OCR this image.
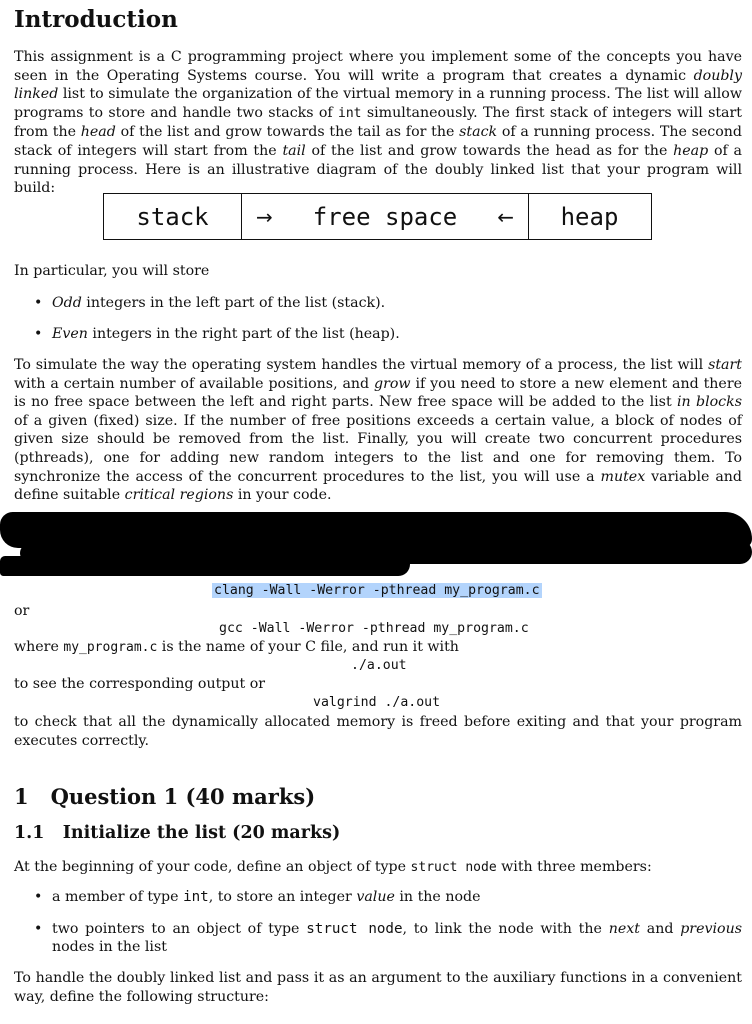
Introduction

This assignment is a C programming project where you implement some of the concepts you have seen in the Operating Systems course. You will write a program that creates a dynamic doubly linked list to simulate the organization of the virtual memory in a running process. The list will allow programs to store and handle two stacks of int simultaneously. The first stack of integers will start from the head of the list and grow towards the tail as for the stack of a running process. The second stack of integers will start from the tail of the list and grow towards the head as for the heap of a running process. Here is an illustrative diagram of the doubly linked list that your program will build:

stack → free space ← heap
In particular, you will store
• Odd integers in the left part of the list (stack).
• Even integers in the right part of the list (heap).

To simulate the way the operating system handles the virtual memory of a process, the list will start with a certain number of available positions, and grow if you need to store a new element and there is no free space between the left and right parts. New free space will be added to the list in blocks of a given (fixed) size. If the number of free positions exceeds a certain value, a block of nodes of given size should be removed from the list. Finally, you will create two concurrent procedures (pthreads), one for adding new random integers to the list and one for removing them. To synchronize the access of the concurrent procedures to the list, you will use a mutex variable and define suitable critical regions in your code.

clang -Wall -Werror -pthread my_program.c
or
gcc -Wall -Werror -pthread my_program.c
where my_program.c is the name of your C file, and run it with
./a.out
to see the corresponding output or
valgrind ./a.out

to check that all the dynamically allocated memory is freed before exiting and that your program executes correctly.

1 Question 1 (40 marks)
1.1 Initialize the list (20 marks)

At the beginning of your code, define an object of type struct node with three members:

• a member of type int, to store an integer value in the node
• two pointers to an object of type struct node, to link the node with the next and previous nodes in the list

To handle the doubly linked list and pass it as an argument to the auxiliary functions in a convenient way, define the following structure:
